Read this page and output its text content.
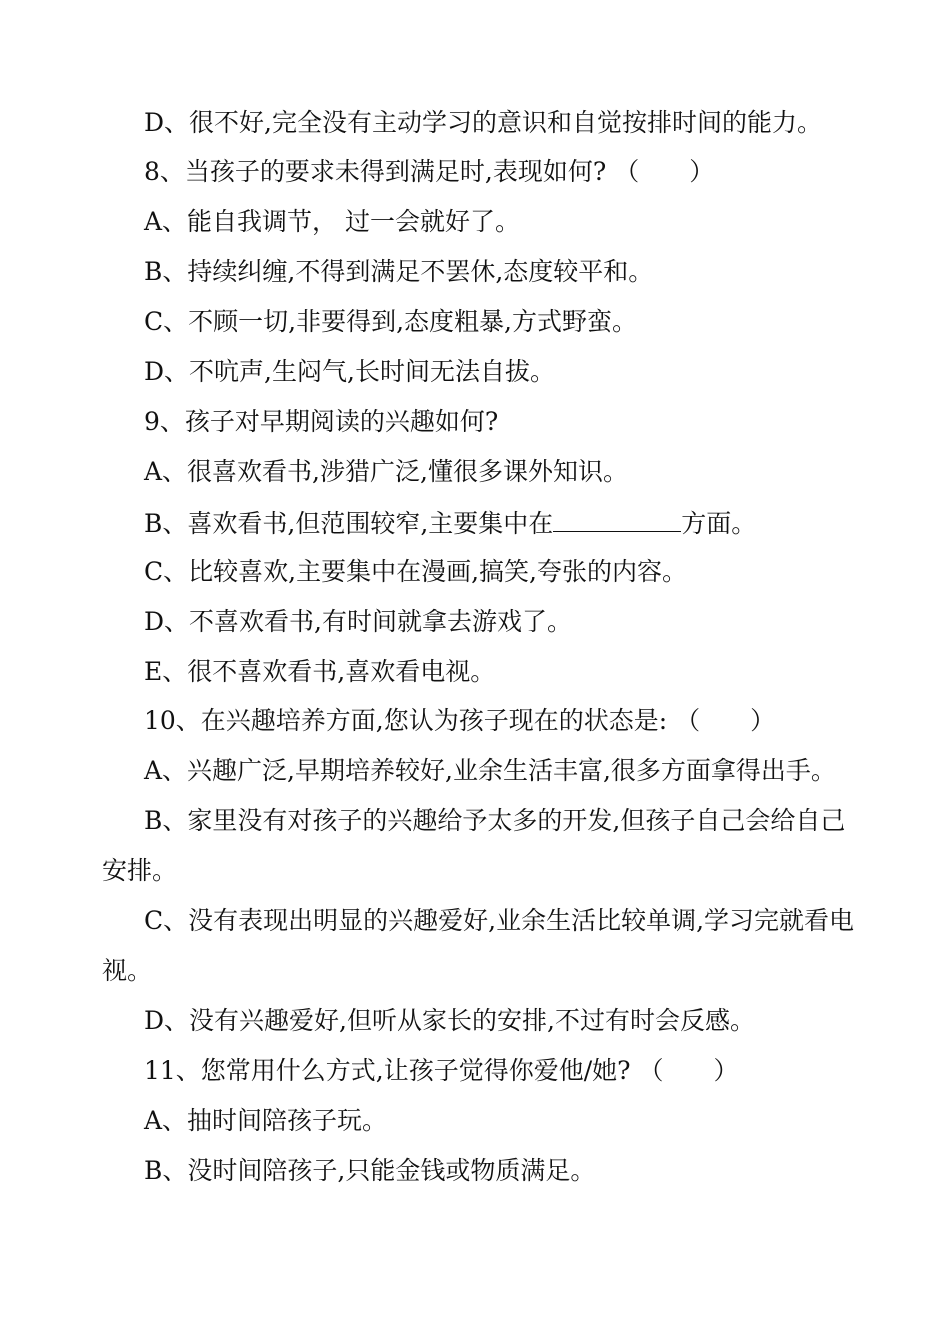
D、很不好,完全没有主动学习的意识和自觉按排时间的能力。
8、当孩子的要求未得到满足时,表现如何? （　　）
A、能自我调节， 过一会就好了。
B、持续纠缠,不得到满足不罢休,态度较平和。
C、不顾一切,非要得到,态度粗暴,方式野蛮。
D、不吭声,生闷气,长时间无法自拔。
9、孩子对早期阅读的兴趣如何?
A、很喜欢看书,涉猎广泛,懂很多课外知识。
B、喜欢看书,但范围较窄,主要集中在	方面。
C、比较喜欢,主要集中在漫画,搞笑,夸张的内容。
D、不喜欢看书,有时间就拿去游戏了。
E、很不喜欢看书,喜欢看电视。
10、在兴趣培养方面,您认为孩子现在的状态是: （　　）
A、兴趣广泛,早期培养较好,业余生活丰富,很多方面拿得出手。
B、家里没有对孩子的兴趣给予太多的开发,但孩子自己会给自己
安排。
C、没有表现出明显的兴趣爱好,业余生活比较单调,学习完就看电
视。
D、没有兴趣爱好,但听从家长的安排,不过有时会反感。
11、您常用什么方式,让孩子觉得你爱他/她? （　　）
A、抽时间陪孩子玩。
B、没时间陪孩子,只能金钱或物质满足。
